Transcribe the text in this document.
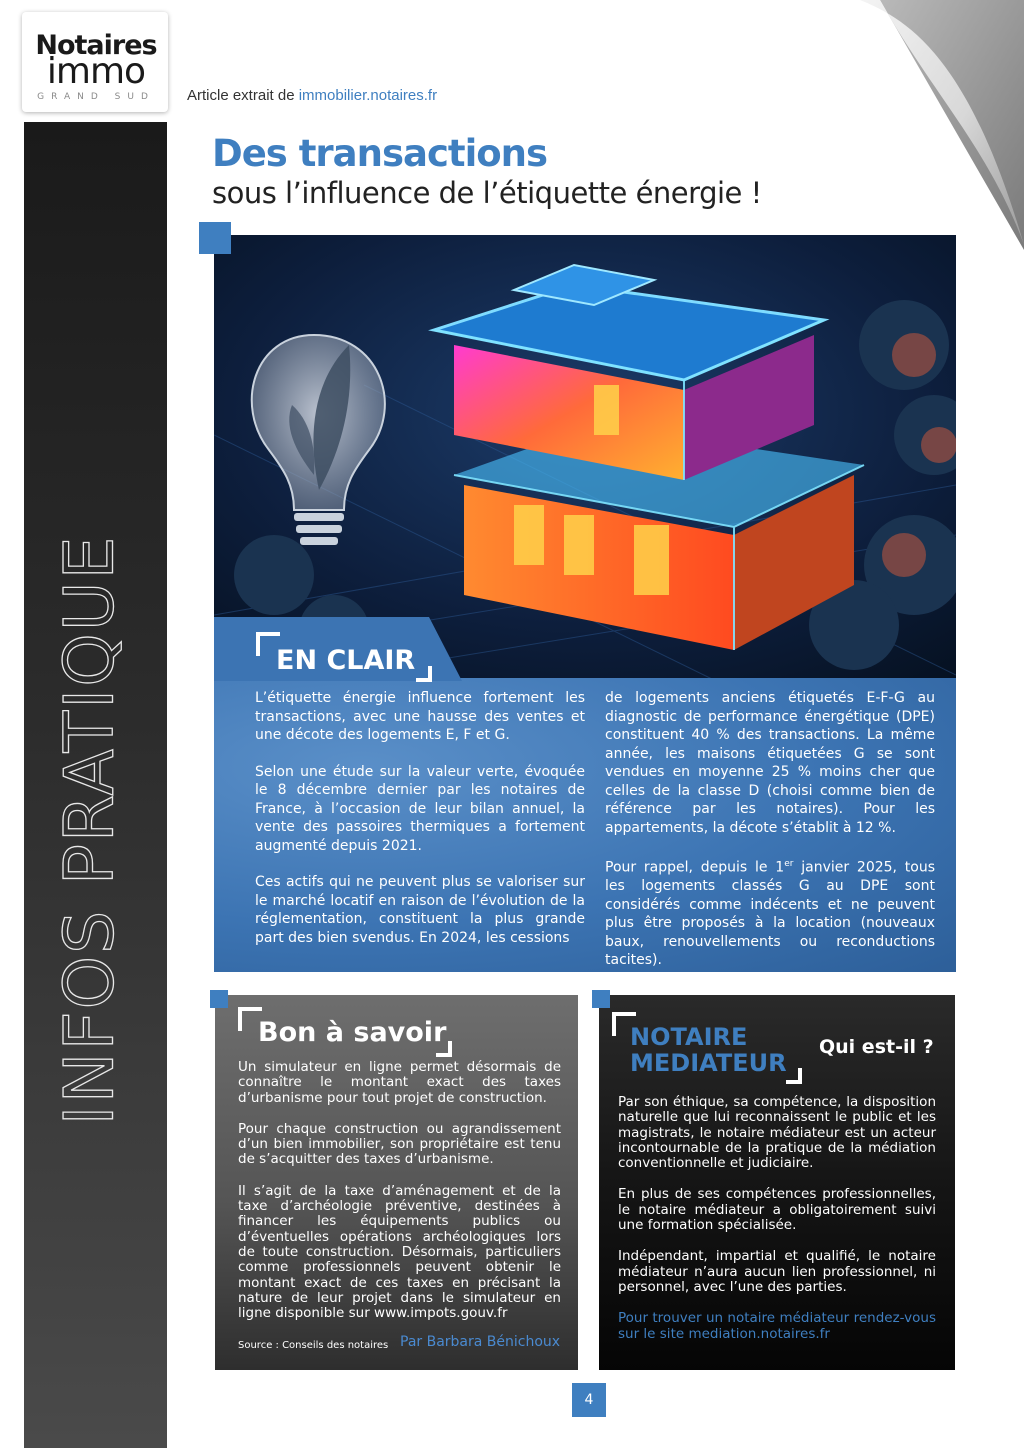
Notaires
immo
GRAND SUD	Article extrait de immobilier.notaires.fr
INFOS PRATIQUE
Des transactions
sous l’influence de l’étiquette énergie !
EN CLAIR

L’étiquette énergie influence fortement les transactions, avec une hausse des ventes et une décote des logements E, F et G.

Selon une étude sur la valeur verte, évoquée le 8 décembre dernier par les notaires de France, à l’occasion de leur bilan annuel, la vente des passoires thermiques a fortement augmenté depuis 2021.

Ces actifs qui ne peuvent plus se valoriser sur le marché locatif en raison de l’évolution de la réglementation, constituent la plus grande part des bien svendus. En 2024, les cessions

de logements anciens étiquetés E-F-G au diagnostic de performance énergétique (DPE) constituent 40 % des transactions. La même année, les maisons étiquetées G se sont vendues en moyenne 25 % moins cher que celles de la classe D (choisi comme bien de référence par les notaires). Pour les appartements, la décote s’établit à 12 %.

Pour rappel, depuis le 1er janvier 2025, tous les logements classés G au DPE sont considérés comme indécents et ne peuvent plus être proposés à la location (nouveaux baux, renouvellements ou reconductions tacites).

Bon à savoir

Un simulateur en ligne permet désormais de connaître le montant exact des taxes d’urbanisme pour tout projet de construction.

Pour chaque construction ou agrandissement d’un bien immobilier, son propriétaire est tenu de s’acquitter des taxes d’urbanisme.

Il s’agit de la taxe d’aménagement et de la taxe d’archéologie préventive, destinées à financer les équipements publics ou d’éventuelles opérations archéologiques lors de toute construction. Désormais, particuliers comme professionnels peuvent obtenir le montant exact de ces taxes en précisant la nature de leur projet dans le simulateur en ligne disponible sur www.impots.gouv.fr

Source : Conseils des notaires Par Barbara Bénichoux
NOTAIRE
MEDIATEUR
Qui est-il ?

Par son éthique, sa compétence, la disposition naturelle que lui reconnaissent le public et les magistrats, le notaire médiateur est un acteur incontournable de la pratique de la médiation conventionnelle et judiciaire.

En plus de ses compétences professionnelles, le notaire médiateur a obligatoirement suivi une formation spécialisée.

Indépendant, impartial et qualifié, le notaire médiateur n’aura aucun lien professionnel, ni personnel, avec l’une des parties.

Pour trouver un notaire médiateur rendez-vous sur le site mediation.notaires.fr

4
